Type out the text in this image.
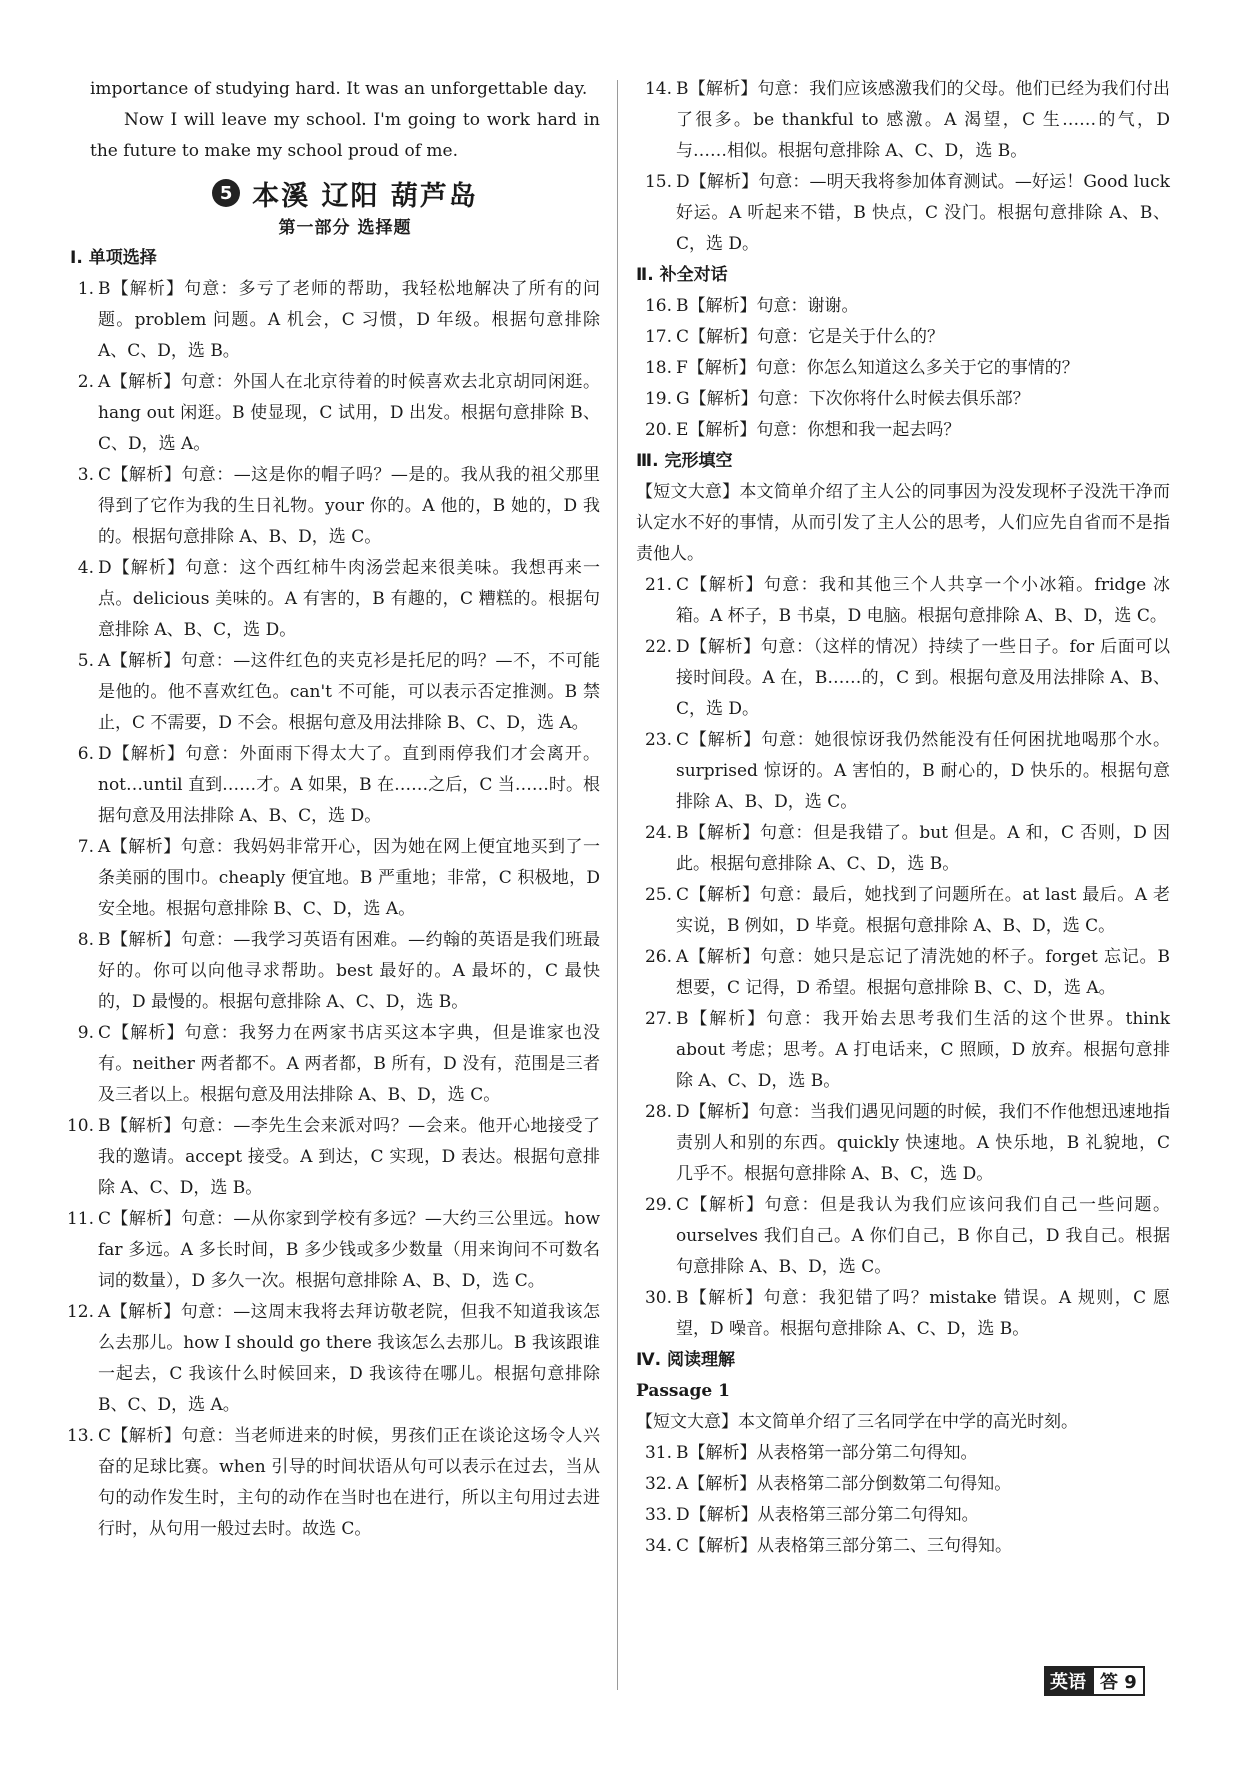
importance of studying hard. It was an unforgettable day.
Now I will leave my school. I'm going to work hard in the future to make my school proud of me.
5 本溪 辽阳 葫芦岛
第一部分 选择题
Ⅰ. 单项选择
1. B【解析】句意：多亏了老师的帮助，我轻松地解决了所有的问题。problem 问题。A 机会，C 习惯，D 年级。根据句意排除 A、C、D，选 B。
2. A【解析】句意：外国人在北京待着的时候喜欢去北京胡同闲逛。hang out 闲逛。B 使显现，C 试用，D 出发。根据句意排除 B、C、D，选 A。
3. C【解析】句意：—这是你的帽子吗？—是的。我从我的祖父那里得到了它作为我的生日礼物。your 你的。A 他的，B 她的，D 我的。根据句意排除 A、B、D，选 C。
4. D【解析】句意：这个西红柿牛肉汤尝起来很美味。我想再来一点。delicious 美味的。A 有害的，B 有趣的，C 糟糕的。根据句意排除 A、B、C，选 D。
5. A【解析】句意：—这件红色的夹克衫是托尼的吗？—不，不可能是他的。他不喜欢红色。can't 不可能，可以表示否定推测。B 禁止，C 不需要，D 不会。根据句意及用法排除 B、C、D，选 A。
6. D【解析】句意：外面雨下得太大了。直到雨停我们才会离开。not…until 直到……才。A 如果，B 在……之后，C 当……时。根据句意及用法排除 A、B、C，选 D。
7. A【解析】句意：我妈妈非常开心，因为她在网上便宜地买到了一条美丽的围巾。cheaply 便宜地。B 严重地；非常，C 积极地，D 安全地。根据句意排除 B、C、D，选 A。
8. B【解析】句意：—我学习英语有困难。—约翰的英语是我们班最好的。你可以向他寻求帮助。best 最好的。A 最坏的，C 最快的，D 最慢的。根据句意排除 A、C、D，选 B。
9. C【解析】句意：我努力在两家书店买这本字典，但是谁家也没有。neither 两者都不。A 两者都，B 所有，D 没有，范围是三者及三者以上。根据句意及用法排除 A、B、D，选 C。
10. B【解析】句意：—李先生会来派对吗？—会来。他开心地接受了我的邀请。accept 接受。A 到达，C 实现，D 表达。根据句意排除 A、C、D，选 B。
11. C【解析】句意：—从你家到学校有多远？—大约三公里远。how far 多远。A 多长时间，B 多少钱或多少数量（用来询问不可数名词的数量），D 多久一次。根据句意排除 A、B、D，选 C。
12. A【解析】句意：—这周末我将去拜访敬老院，但我不知道我该怎么去那儿。how I should go there 我该怎么去那儿。B 我该跟谁一起去，C 我该什么时候回来，D 我该待在哪儿。根据句意排除 B、C、D，选 A。
13. C【解析】句意：当老师进来的时候，男孩们正在谈论这场令人兴奋的足球比赛。when 引导的时间状语从句可以表示在过去，当从句的动作发生时，主句的动作在当时也在进行，所以主句用过去进行时，从句用一般过去时。故选 C。
14. B【解析】句意：我们应该感激我们的父母。他们已经为我们付出了很多。be thankful to 感激。A 渴望，C 生……的气，D 与……相似。根据句意排除 A、C、D，选 B。
15. D【解析】句意：—明天我将参加体育测试。—好运！Good luck 好运。A 听起来不错，B 快点，C 没门。根据句意排除 A、B、C，选 D。
Ⅱ. 补全对话
16. B【解析】句意：谢谢。
17. C【解析】句意：它是关于什么的？
18. F【解析】句意：你怎么知道这么多关于它的事情的？
19. G【解析】句意：下次你将什么时候去俱乐部？
20. E【解析】句意：你想和我一起去吗？
Ⅲ. 完形填空
【短文大意】本文简单介绍了主人公的同事因为没发现杯子没洗干净而认定水不好的事情，从而引发了主人公的思考，人们应先自省而不是指责他人。
21. C【解析】句意：我和其他三个人共享一个小冰箱。fridge 冰箱。A 杯子，B 书桌，D 电脑。根据句意排除 A、B、D，选 C。
22. D【解析】句意：（这样的情况）持续了一些日子。for 后面可以接时间段。A 在，B……的，C 到。根据句意及用法排除 A、B、C，选 D。
23. C【解析】句意：她很惊讶我仍然能没有任何困扰地喝那个水。surprised 惊讶的。A 害怕的，B 耐心的，D 快乐的。根据句意排除 A、B、D，选 C。
24. B【解析】句意：但是我错了。but 但是。A 和，C 否则，D 因此。根据句意排除 A、C、D，选 B。
25. C【解析】句意：最后，她找到了问题所在。at last 最后。A 老实说，B 例如，D 毕竟。根据句意排除 A、B、D，选 C。
26. A【解析】句意：她只是忘记了清洗她的杯子。forget 忘记。B 想要，C 记得，D 希望。根据句意排除 B、C、D，选 A。
27. B【解析】句意：我开始去思考我们生活的这个世界。think about 考虑；思考。A 打电话来，C 照顾，D 放弃。根据句意排除 A、C、D，选 B。
28. D【解析】句意：当我们遇见问题的时候，我们不作他想迅速地指责别人和别的东西。quickly 快速地。A 快乐地，B 礼貌地，C 几乎不。根据句意排除 A、B、C，选 D。
29. C【解析】句意：但是我认为我们应该问我们自己一些问题。ourselves 我们自己。A 你们自己，B 你自己，D 我自己。根据句意排除 A、B、D，选 C。
30. B【解析】句意：我犯错了吗？mistake 错误。A 规则，C 愿望，D 噪音。根据句意排除 A、C、D，选 B。
Ⅳ. 阅读理解
Passage 1
【短文大意】本文简单介绍了三名同学在中学的高光时刻。
31. B【解析】从表格第一部分第二句得知。
32. A【解析】从表格第二部分倒数第二句得知。
33. D【解析】从表格第三部分第二句得知。
34. C【解析】从表格第三部分第二、三句得知。
英语 答 9
